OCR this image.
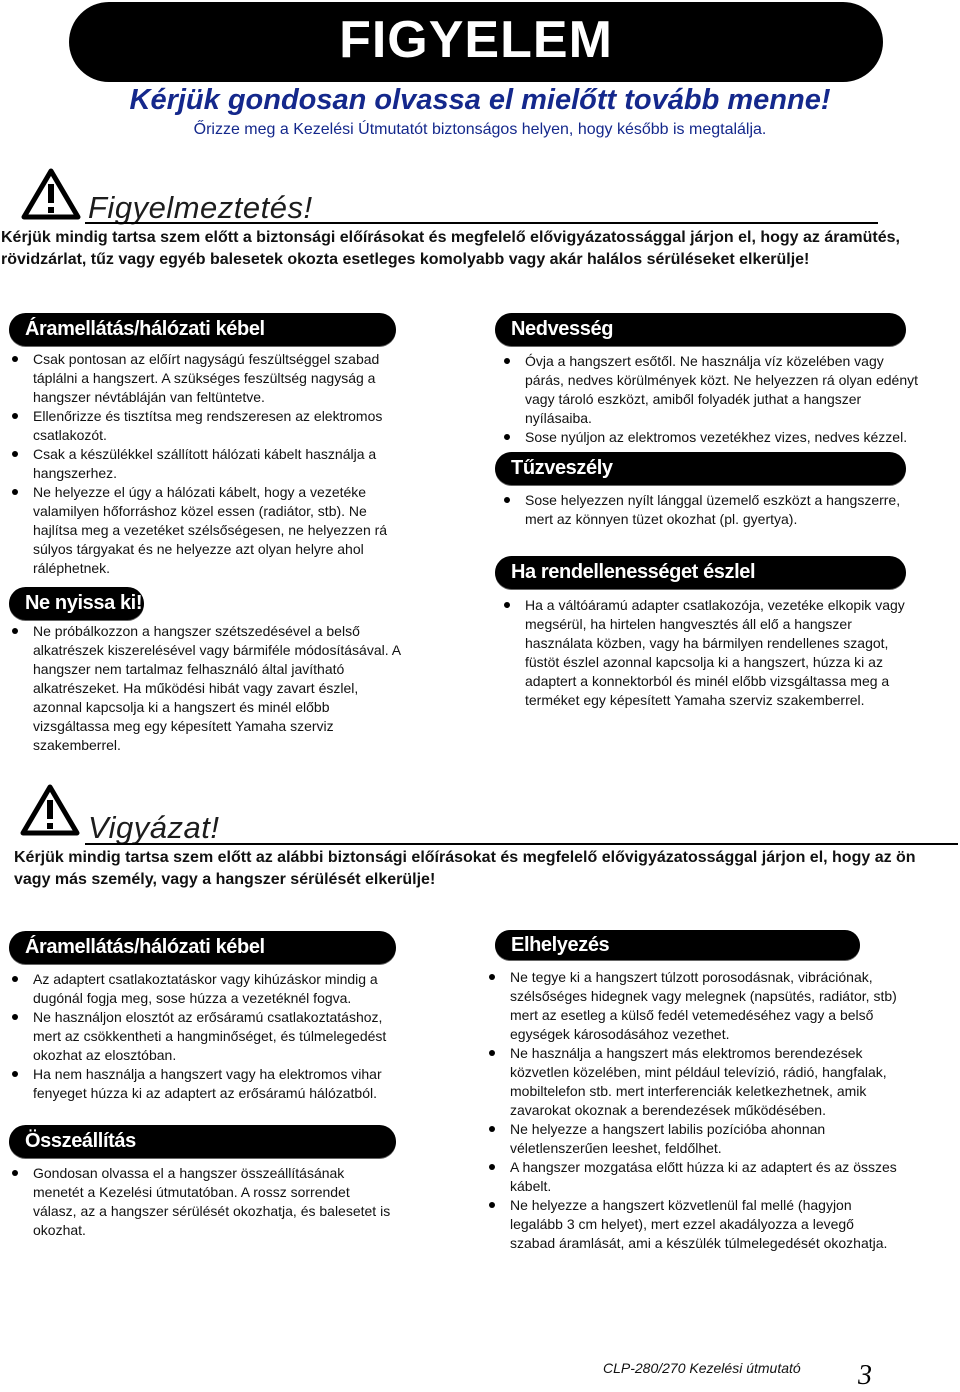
FIGYELEM
Kérjük gondosan olvassa el mielőtt tovább menne!
Őrizze meg a Kezelési Útmutatót biztonságos helyen, hogy később is megtalálja.
Figyelmeztetés!
Kérjük mindig tartsa szem előtt a biztonsági előírásokat és megfelelő elővigyázatossággal járjon el, hogy az áramütés, rövidzárlat, tűz vagy egyéb balesetek okozta esetleges komolyabb vagy akár halálos sérüléseket elkerülje!
Áramellátás/hálózati kébel
Csak pontosan az előírt nagyságú feszültséggel szabad táplálni a hangszert. A szükséges feszültség nagyság a hangszer névtábláján van feltüntetve.
Ellenőrizze és tisztítsa meg rendszeresen az elektromos csatlakozót.
Csak a készülékkel szállított hálózati kábelt használja a hangszerhez.
Ne helyezze el úgy a hálózati kábelt, hogy a vezetéke valamilyen hőforráshoz közel essen (radiátor, stb). Ne hajlítsa meg a vezetéket szélsőségesen, ne helyezzen rá súlyos tárgyakat és ne helyezze azt olyan helyre ahol ráléphetnek.
Ne nyissa ki!
Ne próbálkozzon a hangszer szétszedésével a belső alkatrészek kiszerelésével vagy bármiféle módosításával. A hangszer nem tartalmaz felhasználó által javítható alkatrészeket. Ha működési hibát vagy zavart észlel, azonnal kapcsolja ki a hangszert és minél előbb vizsgáltassa meg egy képesített Yamaha szerviz szakemberrel.
Nedvesség
Óvja a hangszert esőtől. Ne használja víz közelében vagy párás, nedves körülmények közt. Ne helyezzen rá olyan edényt vagy tároló eszközt, amiből folyadék juthat a hangszer nyílásaiba.
Sose nyúljon az elektromos vezetékhez vizes, nedves kézzel.
Tűzveszély
Sose helyezzen nyílt lánggal üzemelő eszközt a hangszerre, mert az könnyen tüzet okozhat (pl. gyertya).
Ha rendellenességet észlel
Ha a váltóáramú adapter csatlakozója, vezetéke elkopik vagy megsérül, ha hirtelen hangvesztés áll elő a hangszer használata közben, vagy ha bármilyen rendellenes szagot, füstöt észlel azonnal kapcsolja ki a hangszert, húzza ki az adaptert a konnektorból és minél előbb vizsgáltassa meg a terméket egy képesített Yamaha szerviz szakemberrel.
Vigyázat!
Kérjük mindig tartsa szem előtt az alábbi biztonsági előírásokat és megfelelő elővigyázatossággal járjon el, hogy az ön vagy más személy, vagy a hangszer sérülését elkerülje!
Áramellátás/hálózati kébel
Az adaptert csatlakoztatáskor vagy kihúzáskor mindig a dugónál fogja meg, sose húzza a vezetéknél fogva.
Ne használjon elosztót az erősáramú csatlakoztatáshoz, mert az csökkentheti a hangminőséget, és túlmelegedést okozhat az elosztóban.
Ha nem használja a hangszert vagy ha elektromos vihar fenyeget húzza ki az adaptert az erősáramú hálózatból.
Összeállítás
Gondosan olvassa el a hangszer összeállításának menetét a Kezelési útmutatóban. A rossz sorrendet válasz, az a hangszer sérülését okozhatja, és balesetet is okozhat.
Elhelyezés
Ne tegye ki a hangszert túlzott porosodásnak, vibrációnak, szélsőséges hidegnek vagy melegnek (napsütés, radiátor, stb) mert az esetleg a külső fedél vetemedéséhez vagy a belső egységek károsodásához vezethet.
Ne használja a hangszert más elektromos berendezések közvetlen közelében, mint például televízió, rádió, hangfalak, mobiltelefon stb. mert interferenciák keletkezhetnek, amik zavarokat okoznak a berendezések működésében.
Ne helyezze a hangszert labilis pozícióba ahonnan véletlenszerűen leeshet, feldőlhet.
A hangszer mozgatása előtt húzza ki az adaptert és az összes kábelt.
Ne helyezze a hangszert közvetlenül fal mellé (hagyjon legalább 3 cm helyet), mert ezzel akadályozza a levegő szabad áramlását, ami a készülék túlmelegedését okozhatja.
CLP-280/270 Kezelési útmutató 3
